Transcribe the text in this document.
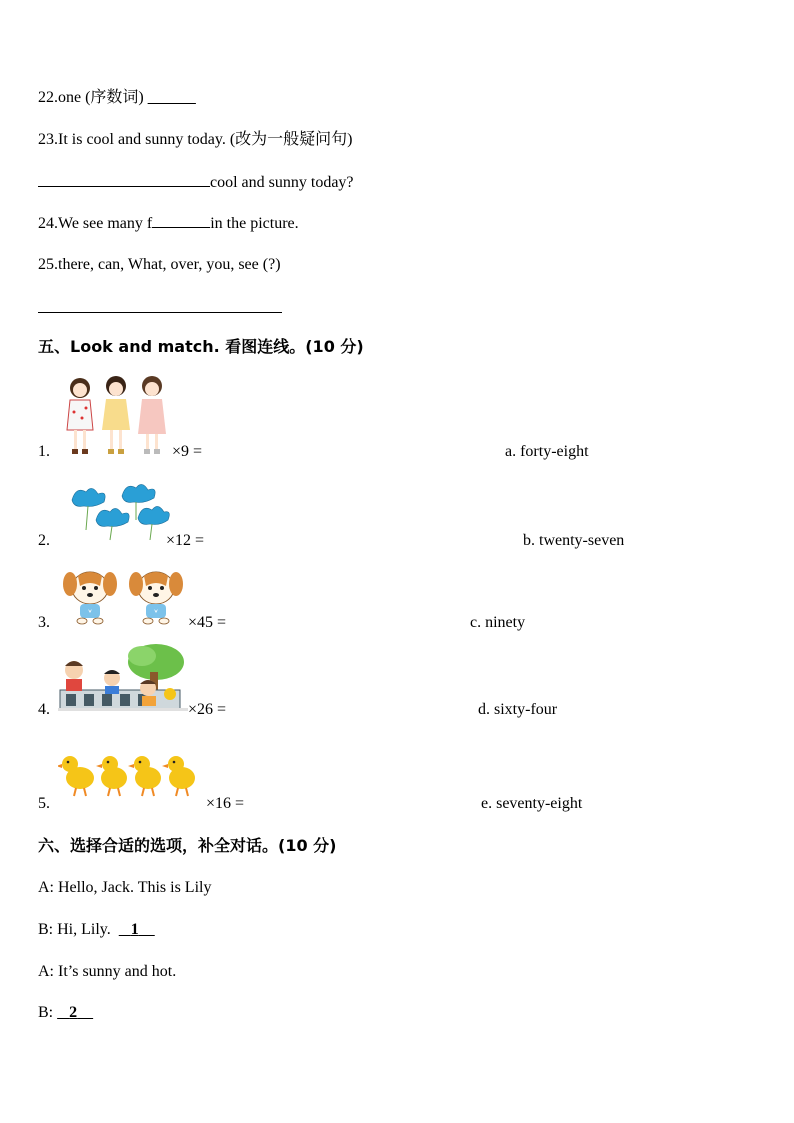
22.one (序数词) ______
23.It is cool and sunny today. (改为一般疑问句)
cool and sunny today?
24.We see many f	in the picture.
25.there, can, What, over, you, see (?)
五、Look and match. 看图连线。(10 分)
1.	×9 =	a. forty-eight
2.	×12 =	b. twenty-seven
3.	×45 =	c. ninety
4.	×26 =	d. sixty-four
5.	×16 =	e. seventy-eight
六、选择合适的选项，补全对话。(10 分)
A: Hello, Jack. This is Lily
B: Hi, Lily. 1
A: It’s sunny and hot.
B: 2
